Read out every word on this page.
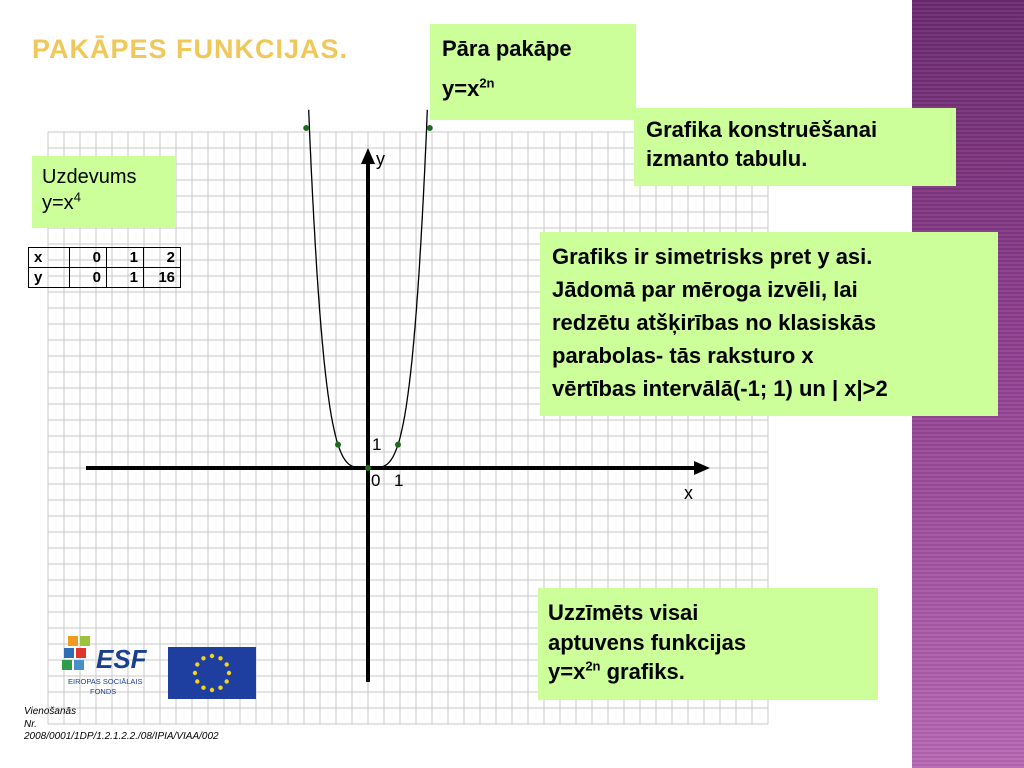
PAKĀPES FUNKCIJAS.
y
x
1
0 1
Pāra pakāpe
$y=x^{2n}$
Grafika konstruēšanai
izmanto tabulu.
Uzdevums
$y=x^4$
Grafiks ir simetrisks pret y asi.
Jādomā par mēroga izvēli, lai
redzētu atšķirības no klasiskās
parabolas- tās raksturo x
vērtības intervālā(-1; 1) un | x|>2
Uzzīmēts visai
aptuvens funkcijas
$y=x^{2n}$ grafiks.
x	0	1	2
y	0	1	16
ESF
EIROPAS SOCIĀLAIS
FONDS
Vienošanās
Nr.
2008/0001/1DP/1.2.1.2.2./08/IPIA/VIAA/002
